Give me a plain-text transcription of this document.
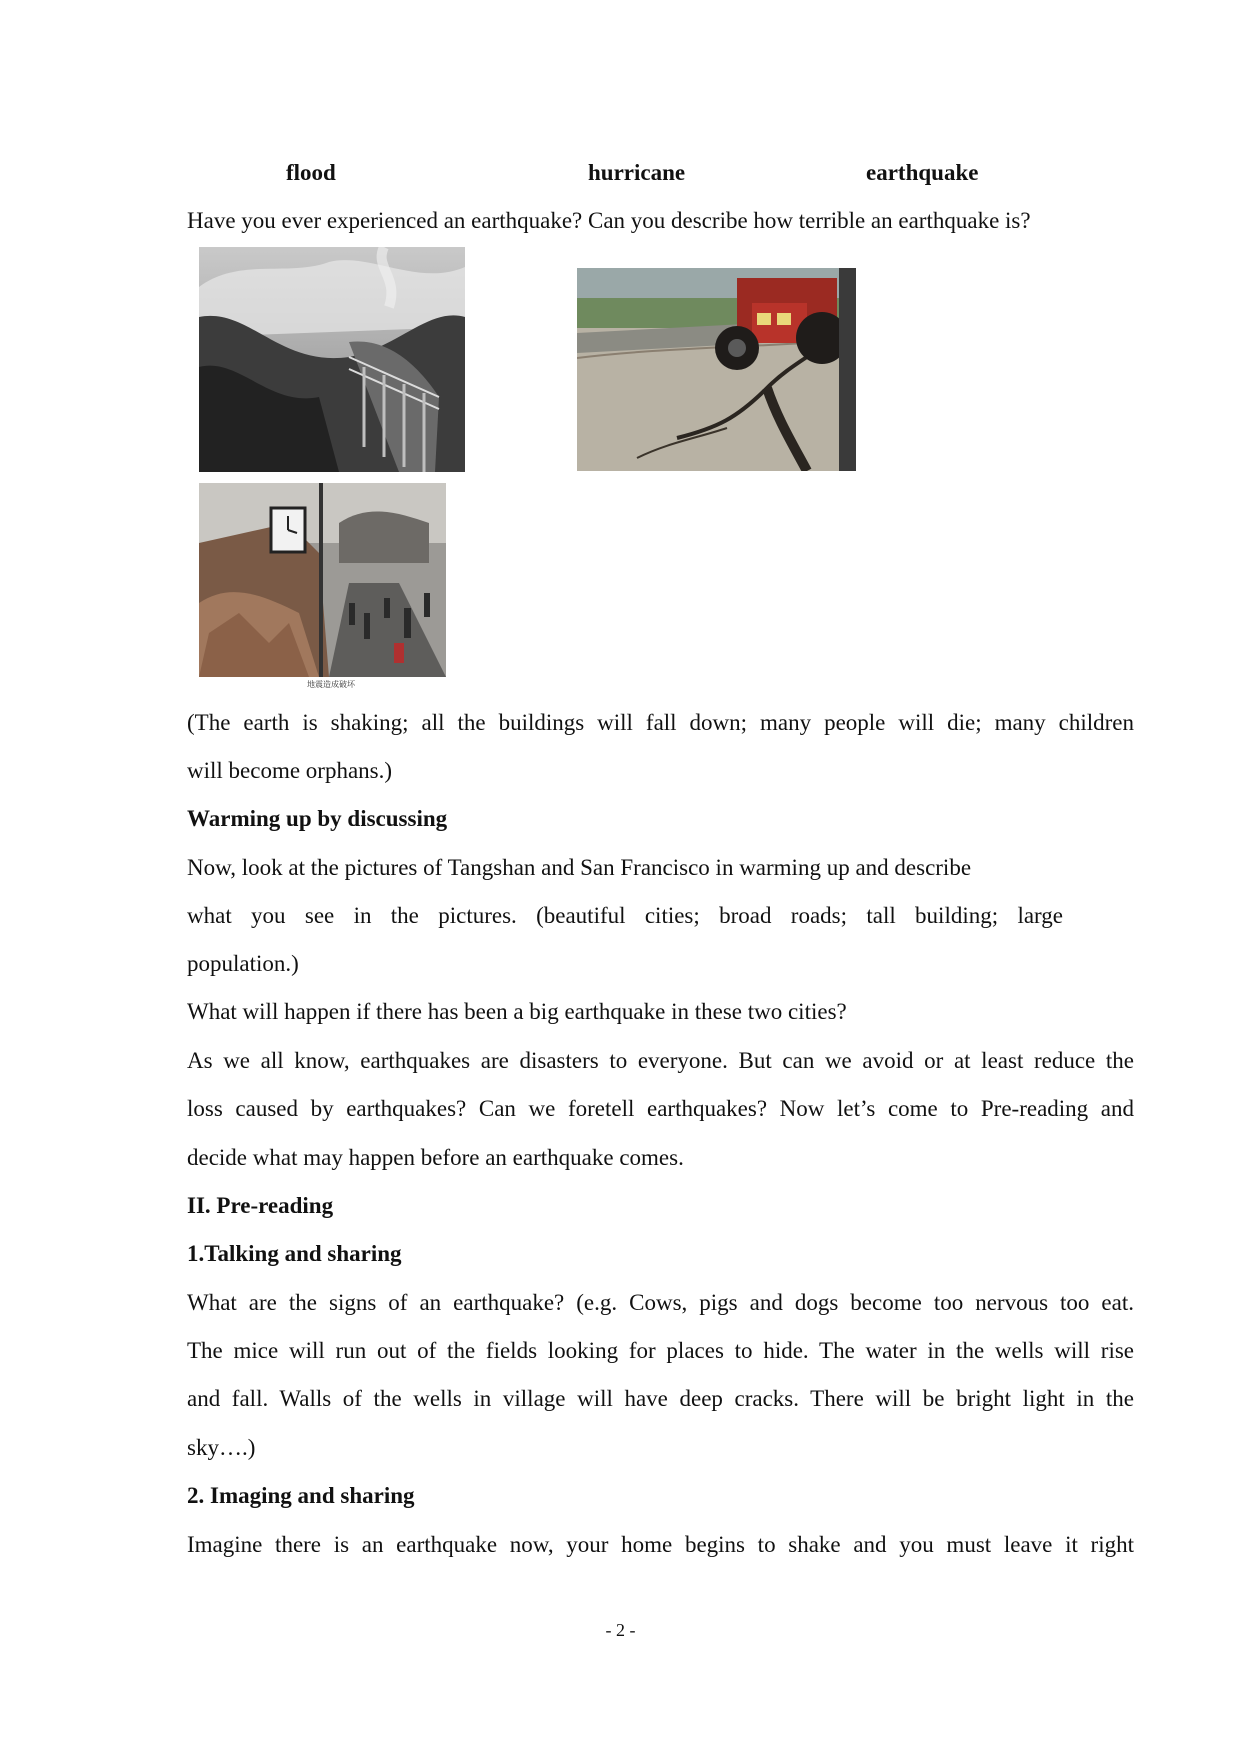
flood	hurricane	earthquake
Have you ever experienced an earthquake? Can you describe how terrible an earthquake is?
地震造成破坏
(The earth is shaking; all the buildings will fall down; many people will die; many children
will become orphans.)
Warming up by discussing
Now, look at the pictures of Tangshan and San Francisco in warming up and describe
what you see in the pictures. (beautiful cities; broad roads; tall building; large
population.)
What will happen if there has been a big earthquake in these two cities?
As we all know, earthquakes are disasters to everyone. But can we avoid or at least reduce the
loss caused by earthquakes? Can we foretell earthquakes? Now let’s come to Pre-reading and
decide what may happen before an earthquake comes.
II. Pre-reading
1.Talking and sharing
What are the signs of an earthquake? (e.g. Cows, pigs and dogs become too nervous too eat.
The mice will run out of the fields looking for places to hide. The water in the wells will rise
and fall. Walls of the wells in village will have deep cracks. There will be bright light in the
sky….)
2. Imaging and sharing
Imagine there is an earthquake now, your home begins to shake and you must leave it right
- 2 -
